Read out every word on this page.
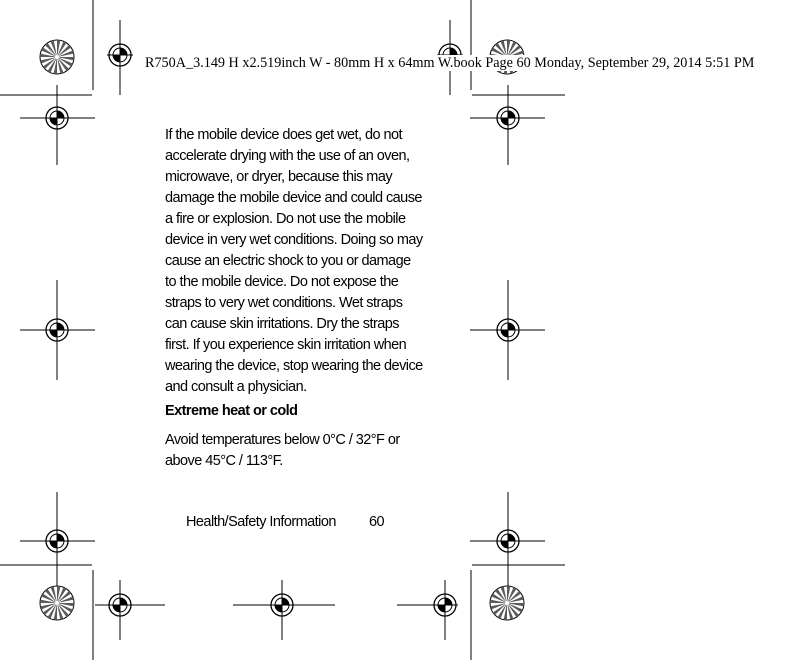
R750A_3.149 H x2.519inch W - 80mm H x 64mm W.book Page 60 Monday, September 29, 2014 5:51 PM

If the mobile device does get wet, do not accelerate drying with the use of an oven, microwave, or dryer, because this may damage the mobile device and could cause a fire or explosion. Do not use the mobile device in very wet conditions. Doing so may cause an electric shock to you or damage to the mobile device. Do not expose the straps to very wet conditions. Wet straps can cause skin irritations. Dry the straps first. If you experience skin irritation when wearing the device, stop wearing the device and consult a physician.

Extreme heat or cold

Avoid temperatures below 0°C / 32°F or above 45°C / 113°F.

Health/Safety Information 60
